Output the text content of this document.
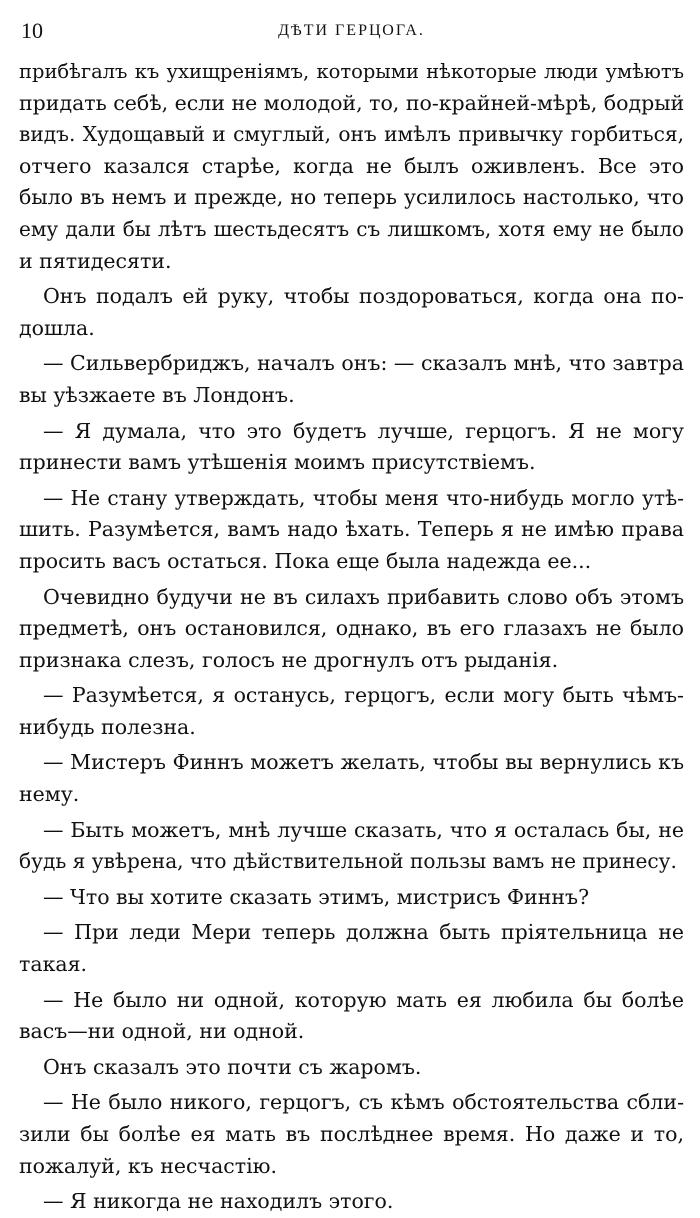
10	ДѢТИ ГЕРЦОГА.
прибѣгалъ къ ухищреніямъ, которыми нѣкоторые люди умѣютъ
придать себѣ, если не молодой, то, по-крайней-мѣрѣ, бодрый
видъ. Худощавый и смуглый, онъ имѣлъ привычку горбиться,
отчего казался старѣе, когда не былъ оживленъ. Все это
было въ немъ и прежде, но теперь усилилось настолько, что
ему дали бы лѣтъ шестьдесятъ съ лишкомъ, хотя ему не было
и пятидесяти.
Онъ подалъ ей руку, чтобы поздороваться, когда она по-
дошла.
— Сильвербриджъ, началъ онъ: — сказалъ мнѣ, что завтра
вы уѣзжаете въ Лондонъ.
— Я думала, что это будетъ лучше, герцогъ. Я не могу
принести вамъ утѣшенія моимъ присутствіемъ.
— Не стану утверждать, чтобы меня что-нибудь могло утѣ-
шить. Разумѣется, вамъ надо ѣхать. Теперь я не имѣю права
просить васъ остаться. Пока еще была надежда ее...
Очевидно будучи не въ силахъ прибавить слово объ этомъ
предметѣ, онъ остановился, однако, въ его глазахъ не было
признака слезъ, голосъ не дрогнулъ отъ рыданія.
— Разумѣется, я останусь, герцогъ, если могу быть чѣмъ-
нибудь полезна.
— Мистеръ Финнъ можетъ желать, чтобы вы вернулись къ
нему.
— Быть можетъ, мнѣ лучше сказать, что я осталась бы, не
будь я увѣрена, что дѣйствительной пользы вамъ не принесу.
— Что вы хотите сказать этимъ, мистрисъ Финнъ?
— При леди Мери теперь должна быть пріятельница не
такая.
— Не было ни одной, которую мать ея любила бы болѣе
васъ—ни одной, ни одной.
Онъ сказалъ это почти съ жаромъ.
— Не было никого, герцогъ, съ кѣмъ обстоятельства сбли-
зили бы болѣе ея мать въ послѣднее время. Но даже и то,
пожалуй, къ несчастію.
— Я никогда не находилъ этого.
